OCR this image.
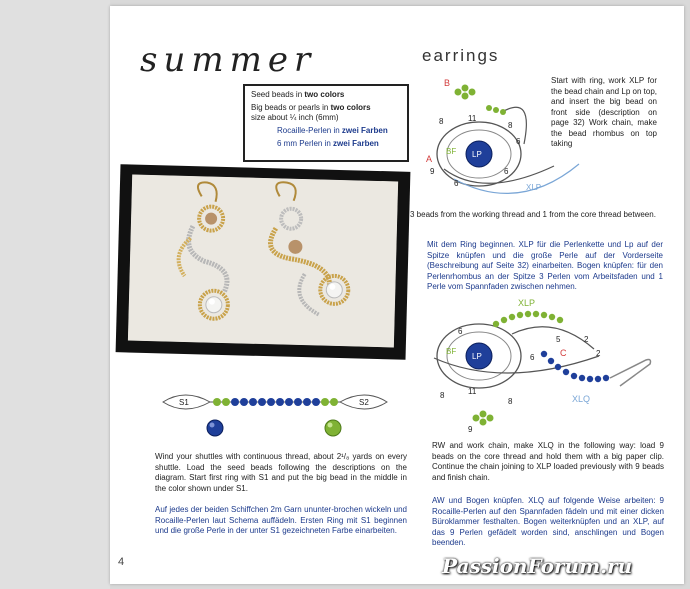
summer	earrings

Seed beads in two colors

Big beads or pearls in two colors
size about ¼ inch (6mm)

Rocaille-Perlen in zwei Farben

6 mm Perlen in zwei Farben

S1	S2
B
A
BF LP
XLP
8	11
8
6
9
6
6
Start with ring, work XLP for the bead chain and Lp on top, and insert the big bead on front side (description on page 32) Work chain, make the bead rhombus on top taking
3 beads from the working thread and 1 from the core thread between.
Mit dem Ring beginnen. XLP für die Perlenkette und Lp auf der Spitze knüpfen und die große Perle auf der Vorderseite (Beschreibung auf Seite 32) einarbeiten. Bogen knüpfen: für den Perlenrhombus an der Spitze 3 Perlen vom Arbeitsfaden und 1 Perle vom Spannfaden zwischen nehmen.
XLP
XLQ
BF
LP	C
6
5	2
2
6
11
8
8
9
RW and work chain, make XLQ in the following way: load 9 beads on the core thread and hold them with a big paper clip. Continue the chain joining to XLP loaded previously with 9 beads and finish chain.
AW und Bogen knüpfen. XLQ auf folgende Weise arbeiten: 9 Rocaille-Perlen auf den Spannfaden fädeln und mit einer dicken Büroklammer festhalten. Bogen weiterknüpfen und an XLP, auf das 9 Perlen gefädelt worden sind, anschlingen und Bogen beenden.
Wind your shuttles with continuous thread, about 2¹/₈ yards on every shuttle. Load the seed beads following the descriptions on the diagram. Start first ring with S1 and put the big bead in the middle in the color shown under S1.
Auf jedes der beiden Schiffchen 2m Garn ununter-brochen wickeln und Rocaille-Perlen laut Schema auffädeln. Ersten Ring mit S1 beginnen und die große Perle in der unter S1 gezeichneten Farbe einarbeiten.
4	PassionForum.ru
